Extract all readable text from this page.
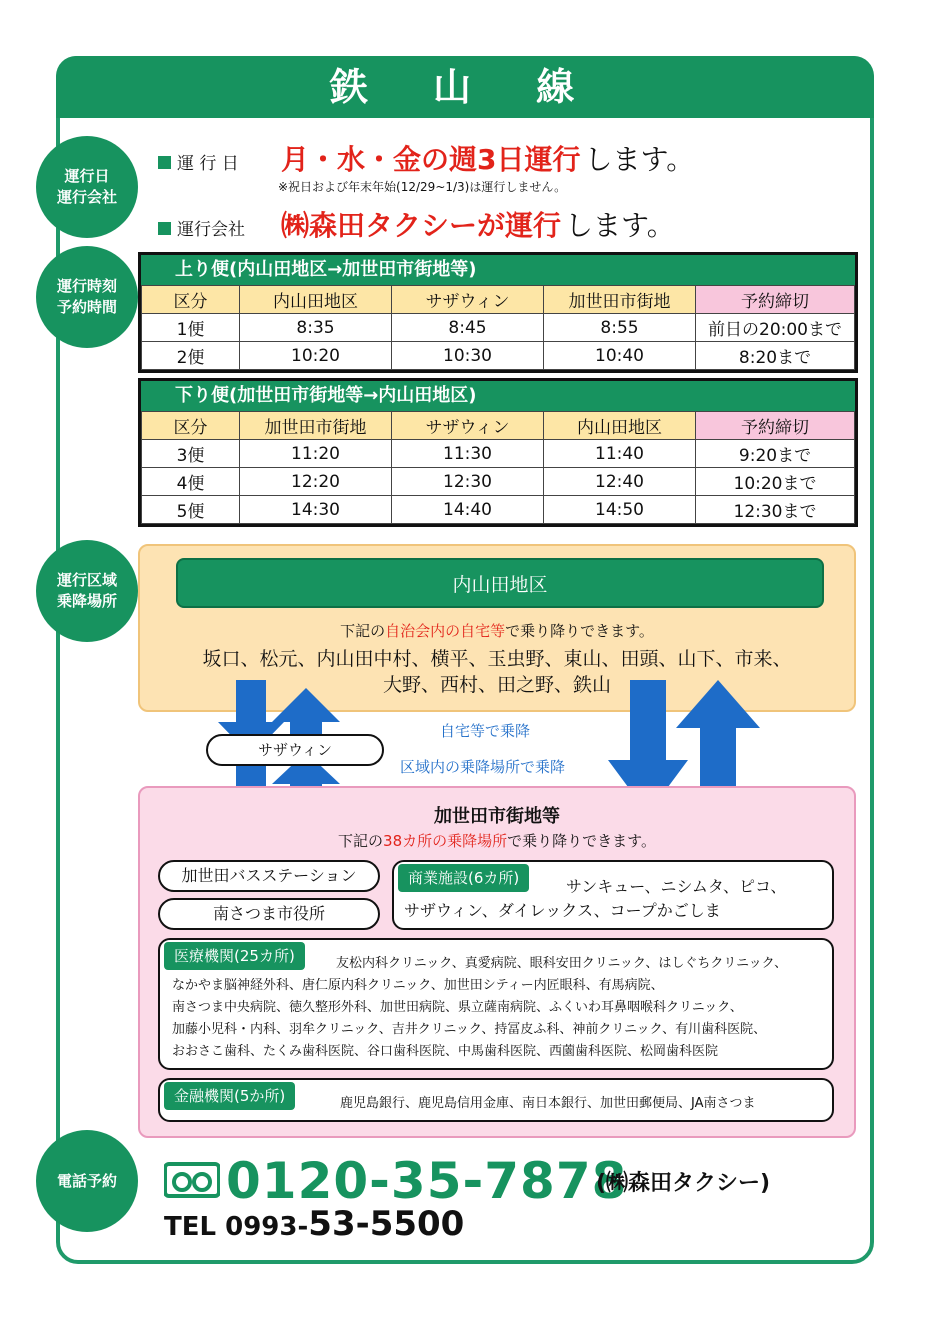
鉄 山 線
運行日
運行会社
運行時刻
予約時間
運行区域
乗降場所
電話予約
運 行 日	月・水・金の週3日運行 します。
※祝日および年末年始(12/29~1/3)は運行しません。
運行会社	㈱森田タクシーが運行 します。
上り便(内山田地区→加世田市街地等)
区分	内山田地区	サザウィン	加世田市街地	予約締切
1便	8:35	8:45	8:55	前日の20:00まで
2便	10:20	10:30	10:40	8:20まで
下り便(加世田市街地等→内山田地区)
区分	加世田市街地	サザウィン	内山田地区	予約締切
3便	11:20	11:30	11:40	9:20まで
4便	12:20	12:30	12:40	10:20まで
5便	14:30	14:40	14:50	12:30まで
内山田地区
下記の自治会内の自宅等で乗り降りできます。
坂口、松元、内山田中村、横平、玉虫野、東山、田頭、山下、市来、
大野、西村、田之野、鉄山
サザウィン
自宅等で乗降
区域内の乗降場所で乗降
加世田市街地等
下記の38カ所の乗降場所で乗り降りできます。
加世田バスステーション
南さつま市役所
商業施設(6カ所)	サンキュー、ニシムタ、ピコ、
サザウィン、ダイレックス、コープかごしま
医療機関(25カ所)	友松内科クリニック、真愛病院、眼科安田クリニック、はしぐちクリニック、
なかやま脳神経外科、唐仁原内科クリニック、加世田シティー内匠眼科、有馬病院、
南さつま中央病院、徳久整形外科、加世田病院、県立薩南病院、ふくいわ耳鼻咽喉科クリニック、
加藤小児科・内科、羽牟クリニック、吉井クリニック、持冨皮ふ科、神前クリニック、有川歯科医院、
おおさこ歯科、たくみ歯科医院、谷口歯科医院、中馬歯科医院、西薗歯科医院、松岡歯科医院
金融機関(5か所)	鹿児島銀行、鹿児島信用金庫、南日本銀行、加世田郵便局、JA南さつま
0120-35-7878
(㈱森田タクシー)
TEL 0993-53-5500
